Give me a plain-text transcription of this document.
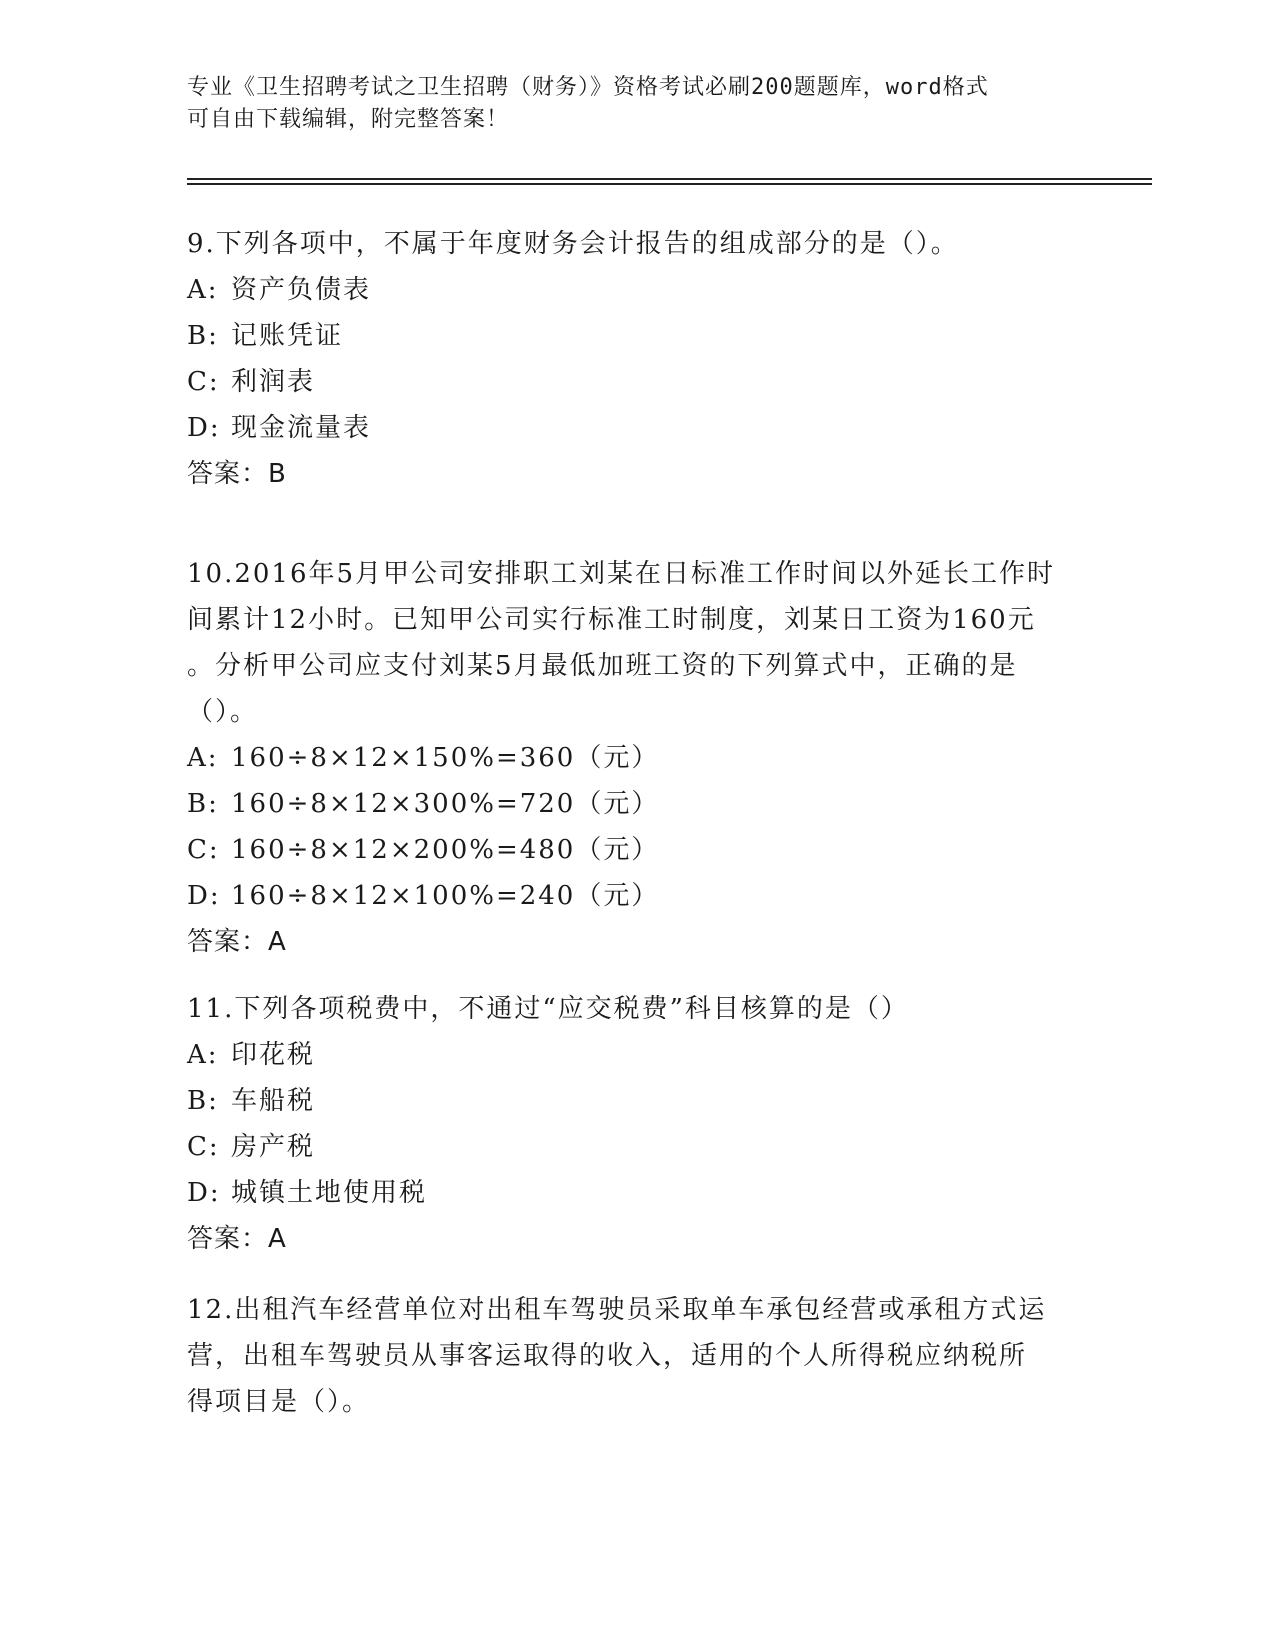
专业《卫生招聘考试之卫生招聘（财务）》资格考试必刷200题题库，word格式
可自由下载编辑，附完整答案！
9.下列各项中，不属于年度财务会计报告的组成部分的是（）。
A: 资产负债表
B: 记账凭证
C: 利润表
D: 现金流量表
答案：B
10.2016年5月甲公司安排职工刘某在日标准工作时间以外延长工作时
间累计12小时。已知甲公司实行标准工时制度，刘某日工资为160元
。分析甲公司应支付刘某5月最低加班工资的下列算式中，正确的是
（）。
A: 160÷8×12×150%=360（元）
B: 160÷8×12×300%=720（元）
C: 160÷8×12×200%=480（元）
D: 160÷8×12×100%=240（元）
答案：A
11.下列各项税费中，不通过“应交税费”科目核算的是（）
A: 印花税
B: 车船税
C: 房产税
D: 城镇土地使用税
答案：A
12.出租汽车经营单位对出租车驾驶员采取单车承包经营或承租方式运
营，出租车驾驶员从事客运取得的收入，适用的个人所得税应纳税所
得项目是（）。
